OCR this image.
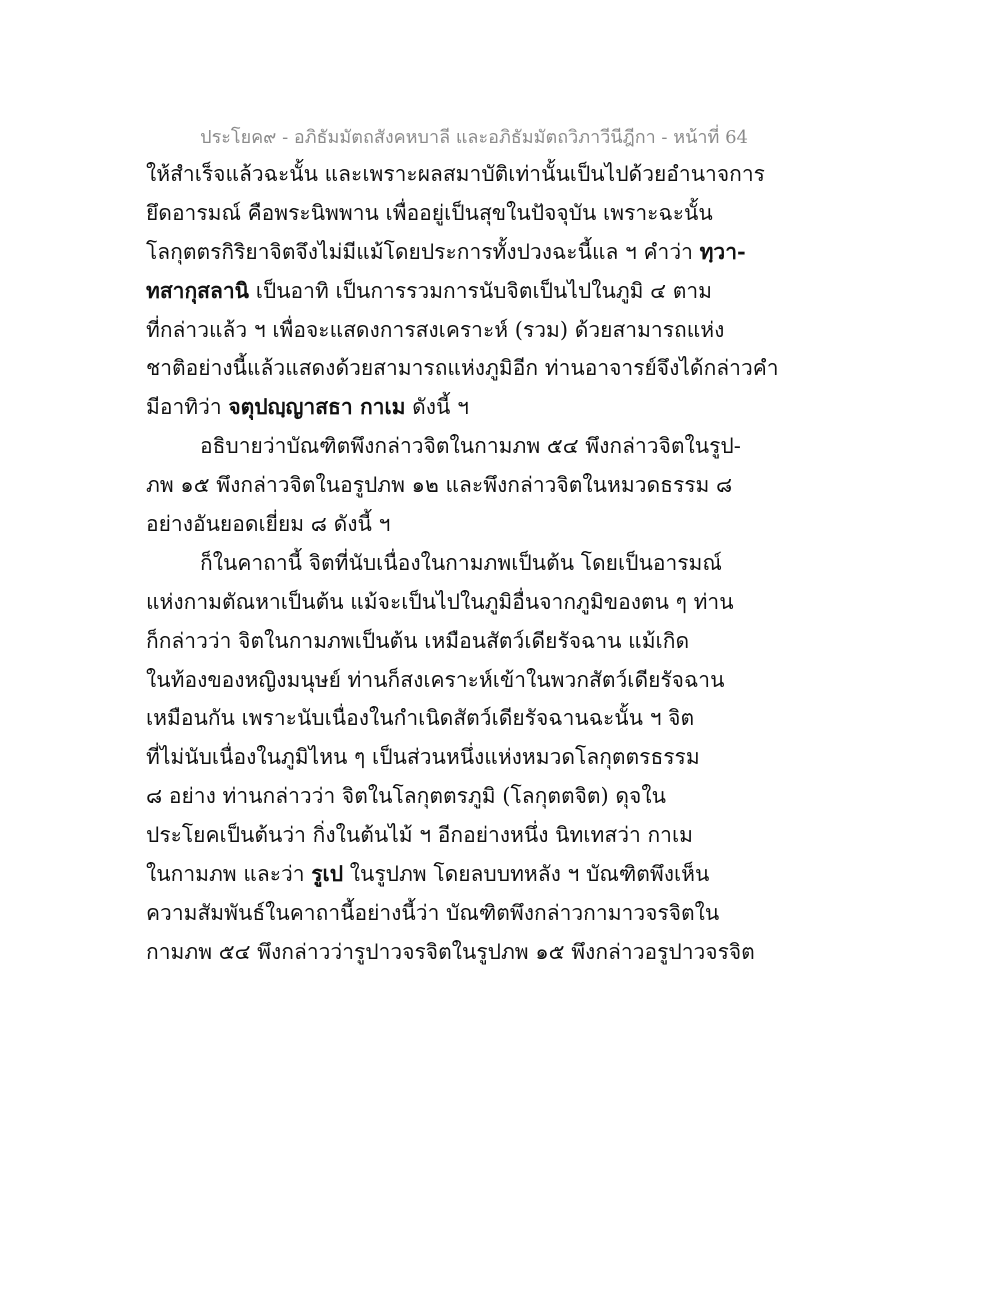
ประโยค๙ - อภิธัมมัตถสังคหบาลี และอภิธัมมัตถวิภาวีนีฎีกา - หน้าที่ 64
ให้สำเร็จแล้วฉะนั้น และเพราะผลสมาบัติเท่านั้นเป็นไปด้วยอำนาจการ
ยึดอารมณ์ คือพระนิพพาน เพื่ออยู่เป็นสุขในปัจจุบัน เพราะฉะนั้น
โลกุตตรกิริยาจิตจึงไม่มีแม้โดยประการทั้งปวงฉะนี้แล ฯ คำว่า ทฺวา-
ทสากุสลานิ เป็นอาทิ เป็นการรวมการนับจิตเป็นไปในภูมิ ๔ ตาม
ที่กล่าวแล้ว ฯ เพื่อจะแสดงการสงเคราะห์ (รวม) ด้วยสามารถแห่ง
ชาติอย่างนี้แล้วแสดงด้วยสามารถแห่งภูมิอีก ท่านอาจารย์จึงได้กล่าวคำ
มีอาทิว่า จตุปญฺญาสธา กาเม ดังนี้ ฯ
อธิบายว่าบัณฑิตพึงกล่าวจิตในกามภพ ๕๔ พึงกล่าวจิตในรูป-
ภพ ๑๕ พึงกล่าวจิตในอรูปภพ ๑๒ และพึงกล่าวจิตในหมวดธรรม ๘
อย่างอันยอดเยี่ยม ๘ ดังนี้ ฯ
ก็ในคาถานี้ จิตที่นับเนื่องในกามภพเป็นต้น โดยเป็นอารมณ์
แห่งกามตัณหาเป็นต้น แม้จะเป็นไปในภูมิอื่นจากภูมิของตน ๆ ท่าน
ก็กล่าวว่า จิตในกามภพเป็นต้น เหมือนสัตว์เดียรัจฉาน แม้เกิด
ในท้องของหญิงมนุษย์ ท่านก็สงเคราะห์เข้าในพวกสัตว์เดียรัจฉาน
เหมือนกัน เพราะนับเนื่องในกำเนิดสัตว์เดียรัจฉานฉะนั้น ฯ จิต
ที่ไม่นับเนื่องในภูมิไหน ๆ เป็นส่วนหนึ่งแห่งหมวดโลกุตตรธรรม
๘ อย่าง ท่านกล่าวว่า จิตในโลกุตตรภูมิ (โลกุตตจิต) ดุจใน
ประโยคเป็นต้นว่า กิ่งในต้นไม้ ฯ อีกอย่างหนึ่ง นิทเทสว่า กาเม
ในกามภพ และว่า รูเป ในรูปภพ โดยลบบทหลัง ฯ บัณฑิตพึงเห็น
ความสัมพันธ์ในคาถานี้อย่างนี้ว่า บัณฑิตพึงกล่าวกามาวจรจิตใน
กามภพ ๕๔ พึงกล่าวว่ารูปาวจรจิตในรูปภพ ๑๕ พึงกล่าวอรูปาวจรจิต
